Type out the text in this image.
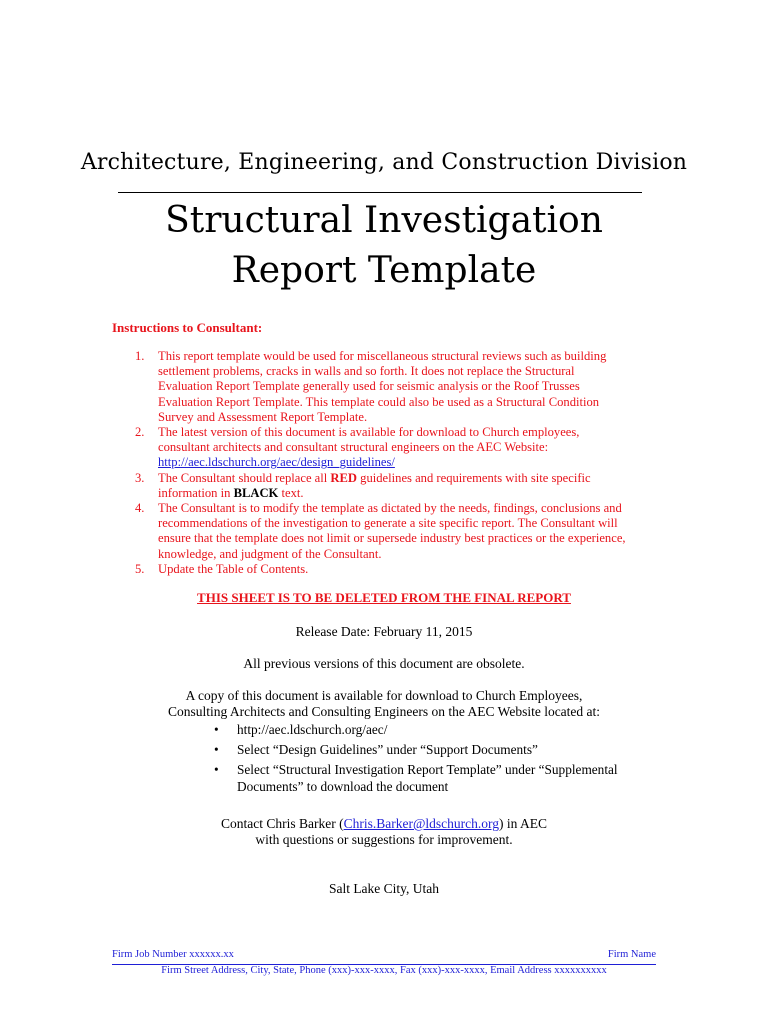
Architecture, Engineering, and Construction Division
Structural Investigation
Report Template
Instructions to Consultant:
1. This report template would be used for miscellaneous structural reviews such as building settlement problems, cracks in walls and so forth. It does not replace the Structural Evaluation Report Template generally used for seismic analysis or the Roof Trusses Evaluation Report Template. This template could also be used as a Structural Condition Survey and Assessment Report Template.
2. The latest version of this document is available for download to Church employees, consultant architects and consultant structural engineers on the AEC Website:
http://aec.ldschurch.org/aec/design_guidelines/
3. The Consultant should replace all RED guidelines and requirements with site specific information in BLACK text.
4. The Consultant is to modify the template as dictated by the needs, findings, conclusions and recommendations of the investigation to generate a site specific report. The Consultant will ensure that the template does not limit or supersede industry best practices or the experience, knowledge, and judgment of the Consultant.
5. Update the Table of Contents.
THIS SHEET IS TO BE DELETED FROM THE FINAL REPORT
Release Date: February 11, 2015
All previous versions of this document are obsolete.
A copy of this document is available for download to Church Employees,
Consulting Architects and Consulting Engineers on the AEC Website located at:
• http://aec.ldschurch.org/aec/
• Select “Design Guidelines” under “Support Documents”
• Select “Structural Investigation Report Template” under “Supplemental Documents” to download the document
Contact Chris Barker (Chris.Barker@ldschurch.org) in AEC
with questions or suggestions for improvement.
Salt Lake City, Utah
Firm Job Number xxxxxx.xx	Firm Name
Firm Street Address, City, State, Phone (xxx)-xxx-xxxx, Fax (xxx)-xxx-xxxx, Email Address xxxxxxxxxx
